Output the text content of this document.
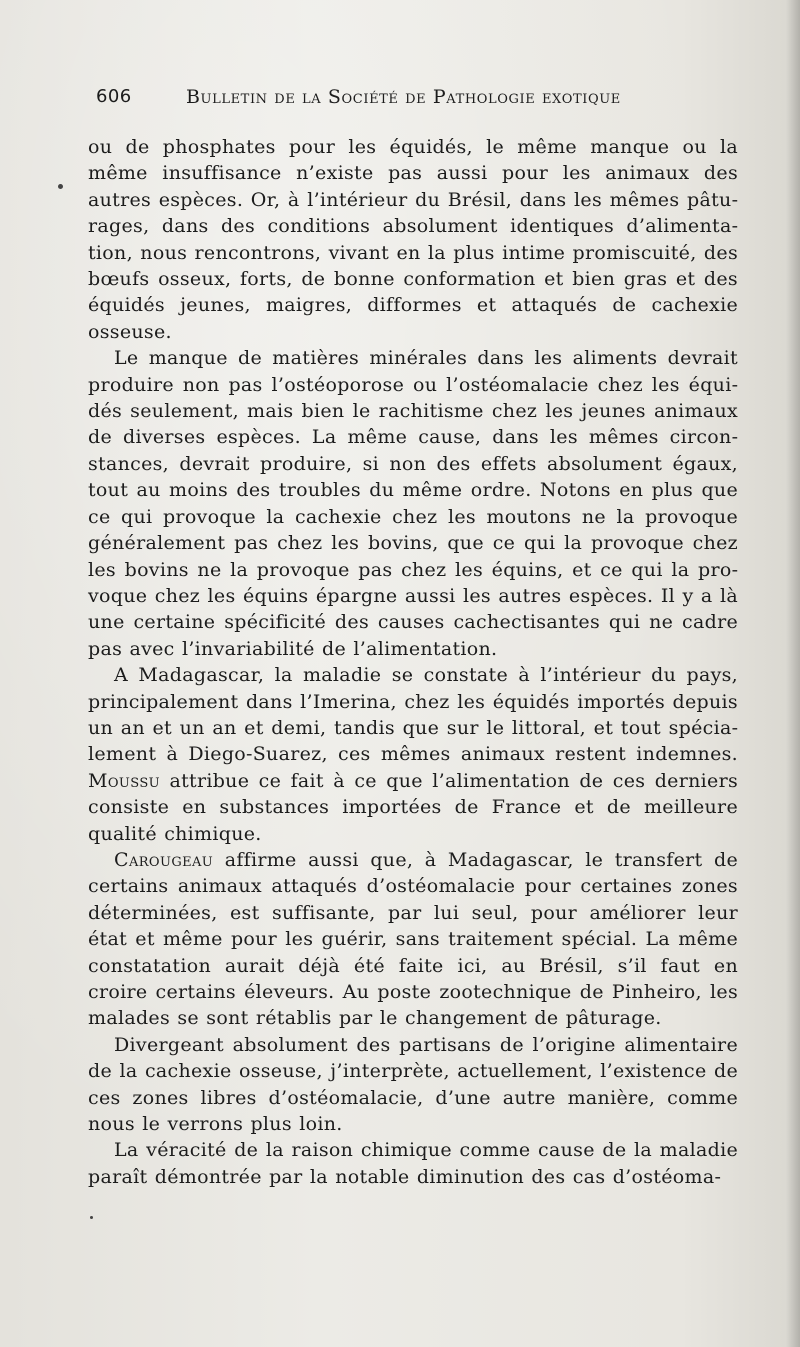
606	Bulletin de la Société de Pathologie exotique

ou de phosphates pour les équidés, le même manque ou la même insuffisance n’existe pas aussi pour les animaux des autres espèces. Or, à l’intérieur du Brésil, dans les mêmes pâturages, dans des conditions absolument identiques d’alimentation, nous rencontrons, vivant en la plus intime promiscuité, des bœufs osseux, forts, de bonne conformation et bien gras et des équidés jeunes, maigres, difformes et attaqués de cachexie osseuse.

Le manque de matières minérales dans les aliments devrait produire non pas l’ostéoporose ou l’ostéomalacie chez les équidés seulement, mais bien le rachitisme chez les jeunes animaux de diverses espèces. La même cause, dans les mêmes circonstances, devrait produire, si non des effets absolument égaux, tout au moins des troubles du même ordre. Notons en plus que ce qui provoque la cachexie chez les moutons ne la provoque généralement pas chez les bovins, que ce qui la provoque chez les bovins ne la provoque pas chez les équins, et ce qui la provoque chez les équins épargne aussi les autres espèces. Il y a là une certaine spécificité des causes cachectisantes qui ne cadre pas avec l’invariabilité de l’alimentation.

A Madagascar, la maladie se constate à l’intérieur du pays, principalement dans l’Imerina, chez les équidés importés depuis un an et un an et demi, tandis que sur le littoral, et tout spécialement à Diego-Suarez, ces mêmes animaux restent indemnes. Moussu attribue ce fait à ce que l’alimentation de ces derniers consiste en substances importées de France et de meilleure qualité chimique.

Carougeau affirme aussi que, à Madagascar, le transfert de certains animaux attaqués d’ostéomalacie pour certaines zones déterminées, est suffisante, par lui seul, pour améliorer leur état et même pour les guérir, sans traitement spécial. La même constatation aurait déjà été faite ici, au Brésil, s’il faut en croire certains éleveurs. Au poste zootechnique de Pinheiro, les malades se sont rétablis par le changement de pâturage.

Divergeant absolument des partisans de l’origine alimentaire de la cachexie osseuse, j’interprète, actuellement, l’existence de ces zones libres d’ostéomalacie, d’une autre manière, comme nous le verrons plus loin.

La véracité de la raison chimique comme cause de la maladie paraît démontrée par la notable diminution des cas d’ostéoma-
